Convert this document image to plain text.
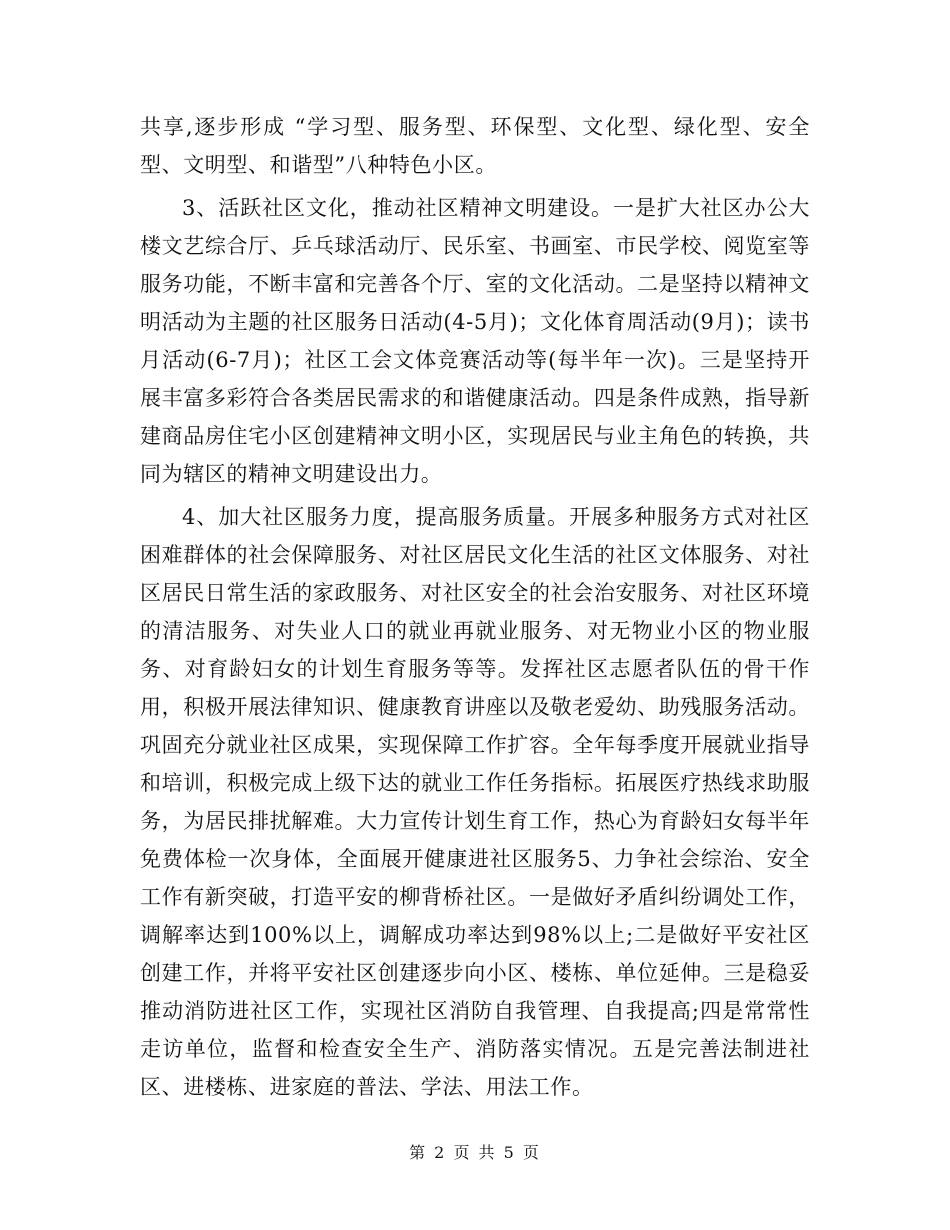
共享,逐步形成 “学习型、服务型、环保型、文化型、绿化型、安全型、文明型、和谐型”八种特色小区。

3、活跃社区文化，推动社区精神文明建设。一是扩大社区办公大楼文艺综合厅、乒乓球活动厅、民乐室、书画室、市民学校、阅览室等服务功能，不断丰富和完善各个厅、室的文化活动。二是坚持以精神文明活动为主题的社区服务日活动(4-5月)；文化体育周活动(9月)；读书月活动(6-7月)；社区工会文体竞赛活动等(每半年一次)。三是坚持开展丰富多彩符合各类居民需求的和谐健康活动。四是条件成熟，指导新建商品房住宅小区创建精神文明小区，实现居民与业主角色的转换，共同为辖区的精神文明建设出力。

4、加大社区服务力度，提高服务质量。开展多种服务方式对社区困难群体的社会保障服务、对社区居民文化生活的社区文体服务、对社区居民日常生活的家政服务、对社区安全的社会治安服务、对社区环境的清洁服务、对失业人口的就业再就业服务、对无物业小区的物业服务、对育龄妇女的计划生育服务等等。发挥社区志愿者队伍的骨干作用，积极开展法律知识、健康教育讲座以及敬老爱幼、助残服务活动。巩固充分就业社区成果，实现保障工作扩容。全年每季度开展就业指导和培训，积极完成上级下达的就业工作任务指标。拓展医疗热线求助服务，为居民排扰解难。大力宣传计划生育工作，热心为育龄妇女每半年免费体检一次身体，全面展开健康进社区服务5、力争社会综治、安全工作有新突破，打造平安的柳背桥社区。一是做好矛盾纠纷调处工作，调解率达到100%以上，调解成功率达到98%以上;二是做好平安社区创建工作，并将平安社区创建逐步向小区、楼栋、单位延伸。三是稳妥推动消防进社区工作，实现社区消防自我管理、自我提高;四是常常性走访单位，监督和检查安全生产、消防落实情况。五是完善法制进社区、进楼栋、进家庭的普法、学法、用法工作。

第 2 页 共 5 页
